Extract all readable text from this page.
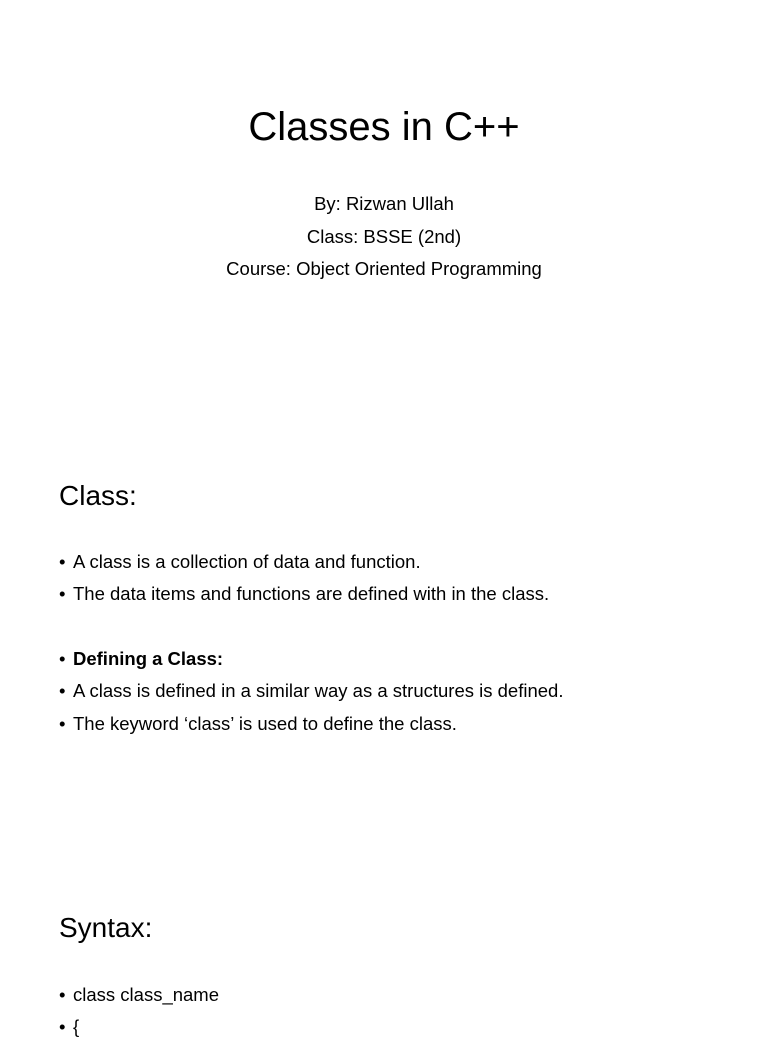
Classes in C++
By: Rizwan Ullah
Class: BSSE (2nd)
Course: Object Oriented Programming
Class:
• A class is a collection of data and function.
• The data items and functions are defined with in the class.
• Defining a Class:
• A class is defined in a similar way as a structures is defined.
• The keyword ‘class’ is used to define the class.
Syntax:
• class class_name
• {
